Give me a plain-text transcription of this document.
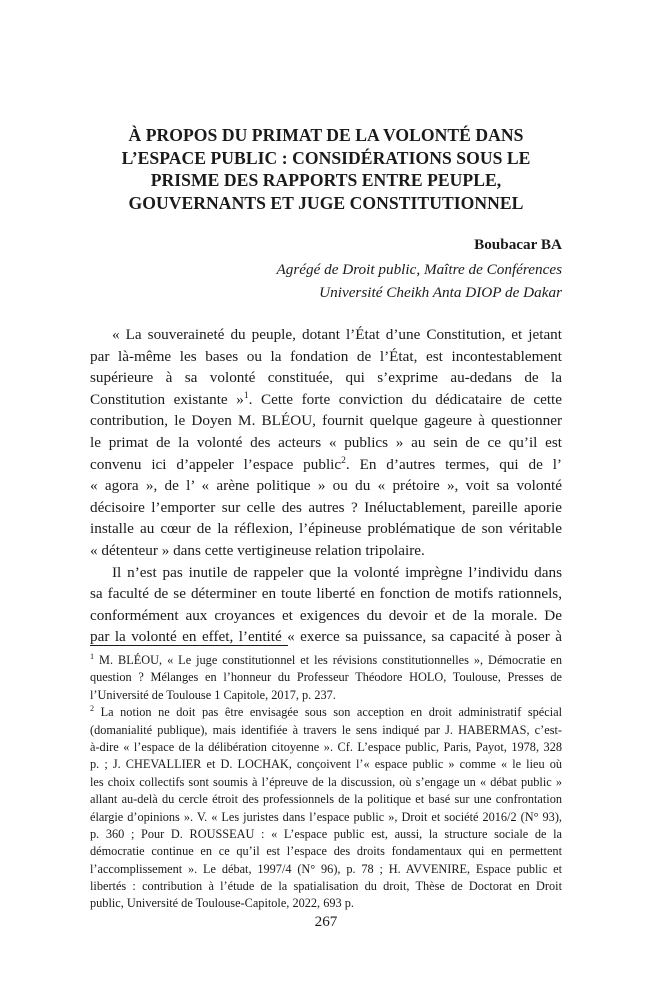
À PROPOS DU PRIMAT DE LA VOLONTÉ DANS
L’ESPACE PUBLIC : CONSIDÉRATIONS SOUS LE
PRISME DES RAPPORTS ENTRE PEUPLE,
GOUVERNANTS ET JUGE CONSTITUTIONNEL

Boubacar BA

Agrégé de Droit public, Maître de Conférences

Université Cheikh Anta DIOP de Dakar

« La souveraineté du peuple, dotant l’État d’une Constitution, et jetant
par là-même les bases ou la fondation de l’État, est incontestablement
supérieure à sa volonté constituée, qui s’exprime au-dedans de la
Constitution existante »$^1$. Cette forte conviction du dédicataire de cette
contribution, le Doyen M. BLÉOU, fournit quelque gageure à questionner
le primat de la volonté des acteurs « publics » au sein de ce qu’il est
convenu ici d’appeler l’espace public$^2$. En d’autres termes, qui de l’
« agora », de l’ « arène politique » ou du « prétoire », voit sa volonté
décisoire l’emporter sur celle des autres ? Inéluctablement, pareille aporie
installe au cœur de la réflexion, l’épineuse problématique de son véritable
« détenteur » dans cette vertigineuse relation tripolaire.
Il n’est pas inutile de rappeler que la volonté imprègne l’individu dans
sa faculté de se déterminer en toute liberté en fonction de motifs rationnels,
conformément aux croyances et exigences du devoir et de la morale. De
par la volonté en effet, l’entité « exerce sa puissance, sa capacité à poser à
$^1$ M. BLÉOU, « Le juge constitutionnel et les révisions constitutionnelles », Démocratie en
question ? Mélanges en l’honneur du Professeur Théodore HOLO, Toulouse, Presses de
l’Université de Toulouse 1 Capitole, 2017, p. 237.
$^2$ La notion ne doit pas être envisagée sous son acception en droit administratif spécial
(domanialité publique), mais identifiée à travers le sens indiqué par J. HABERMAS, c’est-
à-dire « l’espace de la délibération citoyenne ». Cf. L’espace public, Paris, Payot, 1978, 328
p. ; J. CHEVALLIER et D. LOCHAK, conçoivent l’« espace public » comme « le lieu où
les choix collectifs sont soumis à l’épreuve de la discussion, où s’engage un « débat public »
allant au-delà du cercle étroit des professionnels de la politique et basé sur une confrontation
élargie d’opinions ». V. « Les juristes dans l’espace public », Droit et société 2016/2 (N° 93),
p. 360 ; Pour D. ROUSSEAU : « L’espace public est, aussi, la structure sociale de la
démocratie continue en ce qu’il est l’espace des droits fondamentaux qui en permettent
l’accomplissement ». Le débat, 1997/4 (N° 96), p. 78 ; H. AVVENIRE, Espace public et
libertés : contribution à l’étude de la spatialisation du droit, Thèse de Doctorat en Droit
public, Université de Toulouse-Capitole, 2022, 693 p.

267
